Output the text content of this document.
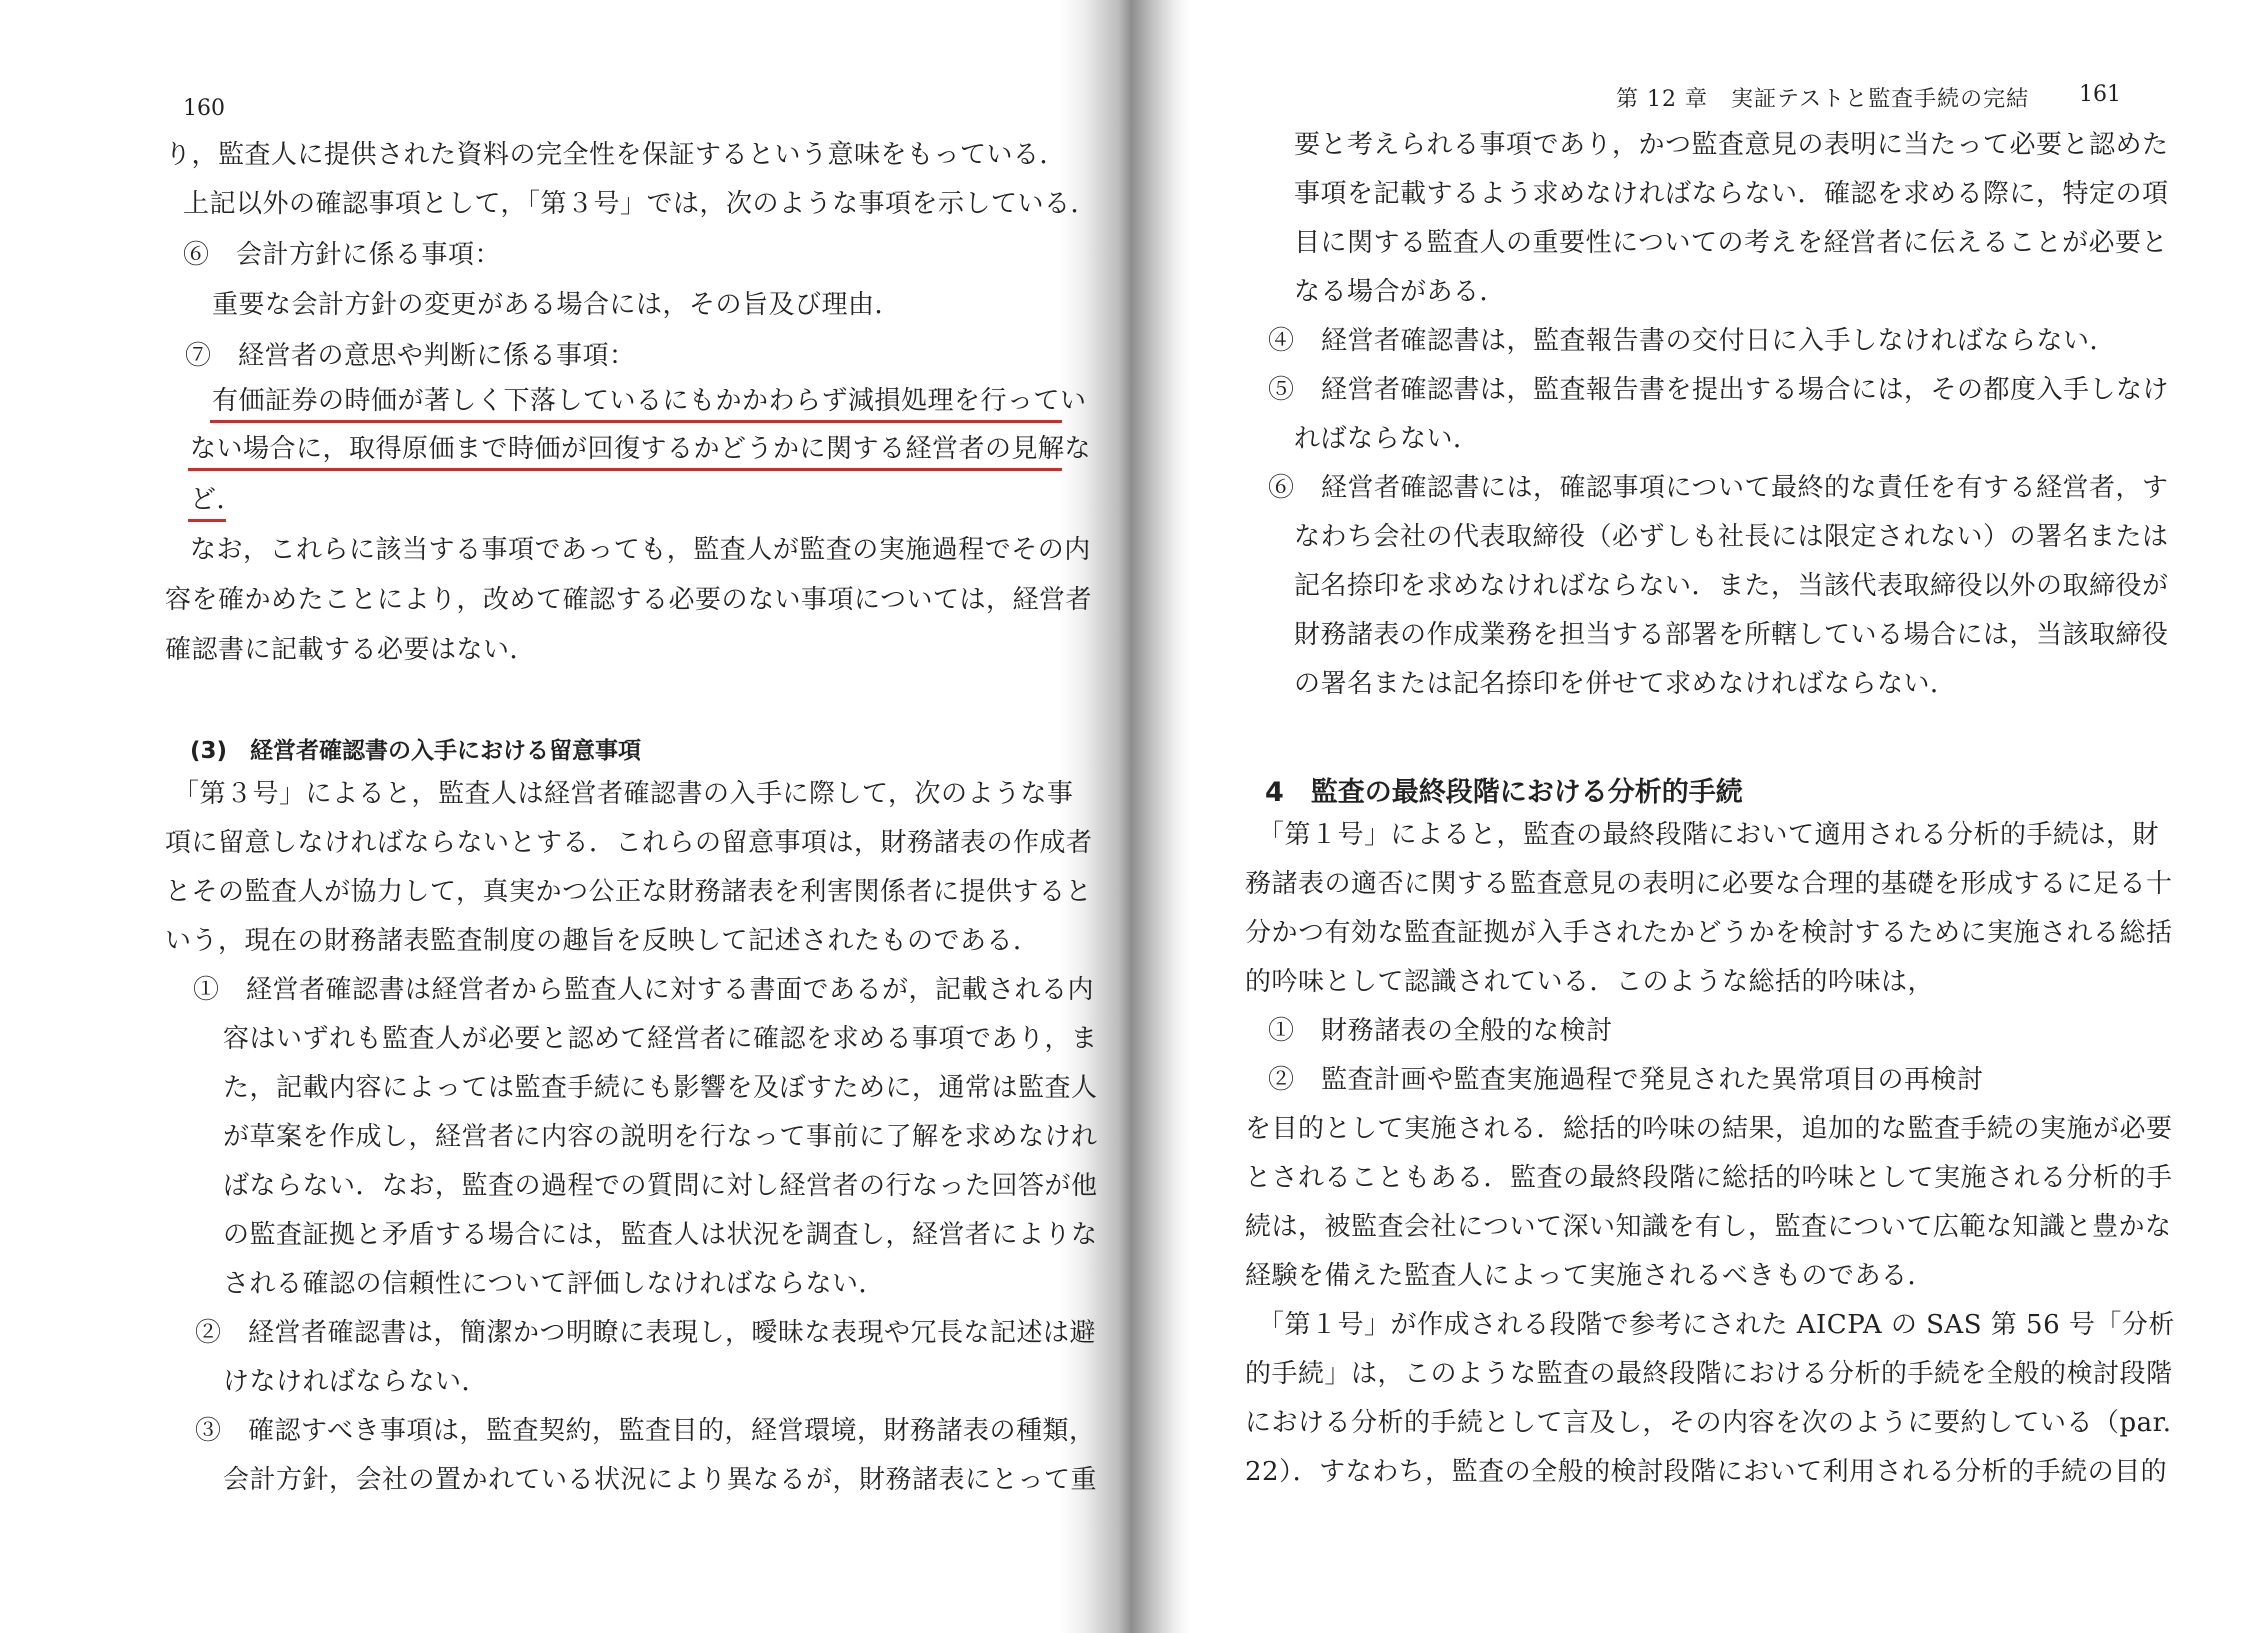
160
り，監査人に提供された資料の完全性を保証するという意味をもっている．
上記以外の確認事項として，「第３号」では，次のような事項を示している．
⑥　会計方針に係る事項：
重要な会計方針の変更がある場合には，その旨及び理由．
⑦　経営者の意思や判断に係る事項：
有価証券の時価が著しく下落しているにもかかわらず減損処理を行ってい
ない場合に，取得原価まで時価が回復するかどうかに関する経営者の見解な
ど．
なお，これらに該当する事項であっても，監査人が監査の実施過程でその内
容を確かめたことにより，改めて確認する必要のない事項については，経営者
確認書に記載する必要はない．
(3)　経営者確認書の入手における留意事項
「第３号」によると，監査人は経営者確認書の入手に際して，次のような事
項に留意しなければならないとする．これらの留意事項は，財務諸表の作成者
とその監査人が協力して，真実かつ公正な財務諸表を利害関係者に提供すると
いう，現在の財務諸表監査制度の趣旨を反映して記述されたものである．
①　経営者確認書は経営者から監査人に対する書面であるが，記載される内
容はいずれも監査人が必要と認めて経営者に確認を求める事項であり，ま
た，記載内容によっては監査手続にも影響を及ぼすために，通常は監査人
が草案を作成し，経営者に内容の説明を行なって事前に了解を求めなけれ
ばならない．なお，監査の過程での質問に対し経営者の行なった回答が他
の監査証拠と矛盾する場合には，監査人は状況を調査し，経営者によりな
される確認の信頼性について評価しなければならない．
②　経営者確認書は，簡潔かつ明瞭に表現し，曖昧な表現や冗長な記述は避
けなければならない．
③　確認すべき事項は，監査契約，監査目的，経営環境，財務諸表の種類，
会計方針，会社の置かれている状況により異なるが，財務諸表にとって重
第 12 章　実証テストと監査手続の完結 161
要と考えられる事項であり，かつ監査意見の表明に当たって必要と認めた
事項を記載するよう求めなければならない．確認を求める際に，特定の項
目に関する監査人の重要性についての考えを経営者に伝えることが必要と
なる場合がある．
④　経営者確認書は，監査報告書の交付日に入手しなければならない．
⑤　経営者確認書は，監査報告書を提出する場合には，その都度入手しなけ
ればならない．
⑥　経営者確認書には，確認事項について最終的な責任を有する経営者，す
なわち会社の代表取締役（必ずしも社長には限定されない）の署名または
記名捺印を求めなければならない．また，当該代表取締役以外の取締役が
財務諸表の作成業務を担当する部署を所轄している場合には，当該取締役
の署名または記名捺印を併せて求めなければならない．
4　監査の最終段階における分析的手続
「第１号」によると，監査の最終段階において適用される分析的手続は，財
務諸表の適否に関する監査意見の表明に必要な合理的基礎を形成するに足る十
分かつ有効な監査証拠が入手されたかどうかを検討するために実施される総括
的吟味として認識されている．このような総括的吟味は，
①　財務諸表の全般的な検討
②　監査計画や監査実施過程で発見された異常項目の再検討
を目的として実施される．総括的吟味の結果，追加的な監査手続の実施が必要
とされることもある．監査の最終段階に総括的吟味として実施される分析的手
続は，被監査会社について深い知識を有し，監査について広範な知識と豊かな
経験を備えた監査人によって実施されるべきものである．
「第１号」が作成される段階で参考にされた AICPA の SAS 第 56 号「分析
的手続」は，このような監査の最終段階における分析的手続を全般的検討段階
における分析的手続として言及し，その内容を次のように要約している（par.
22）．すなわち，監査の全般的検討段階において利用される分析的手続の目的
